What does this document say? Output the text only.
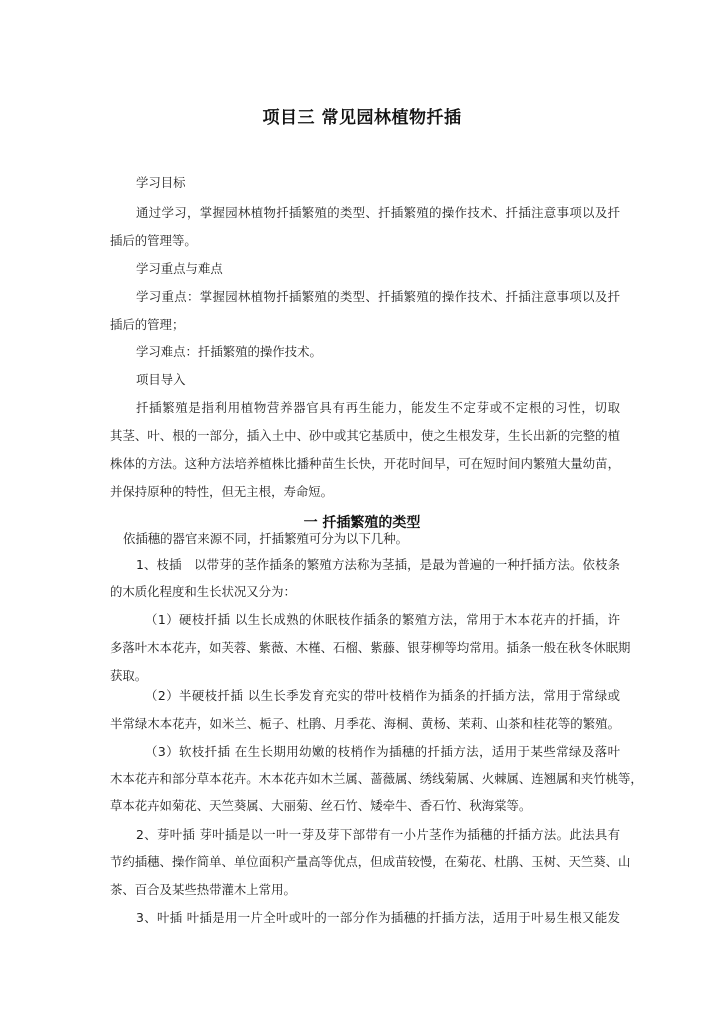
项目三 常见园林植物扦插
学习目标
通过学习，掌握园林植物扦插繁殖的类型、扦插繁殖的操作技术、扦插注意事项以及扦
插后的管理等。
学习重点与难点
学习重点：掌握园林植物扦插繁殖的类型、扦插繁殖的操作技术、扦插注意事项以及扦
插后的管理；
学习难点：扦插繁殖的操作技术。
项目导入
扦插繁殖是指利用植物营养器官具有再生能力，能发生不定芽或不定根的习性，切取
其茎、叶、根的一部分，插入土中、砂中或其它基质中，使之生根发芽，生长出新的完整的植
株体的方法。这种方法培养植株比播种苗生长快，开花时间早，可在短时间内繁殖大量幼苗，
并保持原种的特性，但无主根，寿命短。
一 扦插繁殖的类型
依插穗的器官来源不同，扦插繁殖可分为以下几种。
1、枝插　以带芽的茎作插条的繁殖方法称为茎插，是最为普遍的一种扦插方法。依枝条
的木质化程度和生长状况又分为：
（1）硬枝扦插 以生长成熟的休眠枝作插条的繁殖方法，常用于木本花卉的扦插，许
多落叶木本花卉，如芙蓉、紫薇、木槿、石榴、紫藤、银芽柳等均常用。插条一般在秋冬休眠期
获取。
（2）半硬枝扦插 以生长季发育充实的带叶枝梢作为插条的扦插方法，常用于常绿或
半常绿木本花卉，如米兰、栀子、杜鹃、月季花、海桐、黄杨、茉莉、山茶和桂花等的繁殖。
（3）软枝扦插 在生长期用幼嫩的枝梢作为插穗的扦插方法，适用于某些常绿及落叶
木本花卉和部分草本花卉。木本花卉如木兰属、蔷薇属、绣线菊属、火棘属、连翘属和夹竹桃等，
草本花卉如菊花、天竺葵属、大丽菊、丝石竹、矮牵牛、香石竹、秋海棠等。
2、芽叶插 芽叶插是以一叶一芽及芽下部带有一小片茎作为插穗的扦插方法。此法具有
节约插穗、操作简单、单位面积产量高等优点，但成苗较慢，在菊花、杜鹃、玉树、天竺葵、山
茶、百合及某些热带灌木上常用。
3、叶插 叶插是用一片全叶或叶的一部分作为插穗的扦插方法，适用于叶易生根又能发
